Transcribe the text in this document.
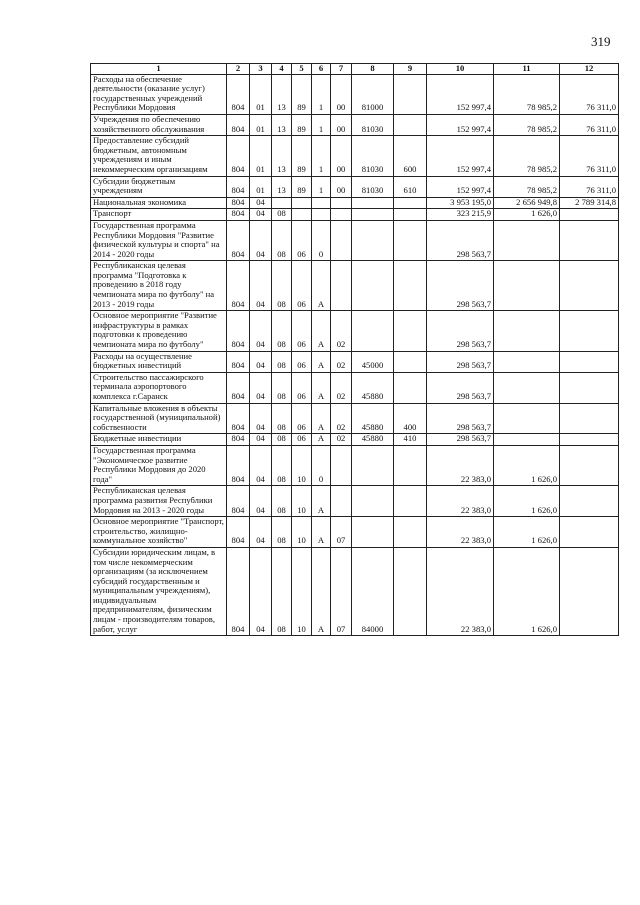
319
1	2	3	4	5	6	7	8	9	10	11	12
Расходы на обеспечение деятельности (оказание услуг) государственных учреждений Республики Мордовия	804	01	13	89	1	00	81000		152 997,4	78 985,2	76 311,0
Учреждения по обеспечению хозяйственного обслуживания	804	01	13	89	1	00	81030		152 997,4	78 985,2	76 311,0
Предоставление субсидий бюджетным, автономным учреждениям и иным некоммерческим организациям	804	01	13	89	1	00	81030	600	152 997,4	78 985,2	76 311,0
Субсидии бюджетным учреждениям	804	01	13	89	1	00	81030	610	152 997,4	78 985,2	76 311,0
Национальная экономика	804	04							3 953 195,0	2 656 949,8	2 789 314,8
Транспорт	804	04	08						323 215,9	1 626,0	
Государственная программа Республики Мордовия "Развитие физической культуры и спорта" на 2014 - 2020 годы	804	04	08	06	0				298 563,7		
Республиканская целевая программа "Подготовка к проведению в 2018 году чемпионата мира по футболу" на 2013 - 2019 годы	804	04	08	06	А				298 563,7		
Основное мероприятие "Развитие инфраструктуры в рамках подготовки к проведению чемпионата мира по футболу"	804	04	08	06	А	02			298 563,7		
Расходы на осуществление бюджетных инвестиций	804	04	08	06	А	02	45000		298 563,7		
Строительство пассажирского терминала аэропортового комплекса г.Саранск	804	04	08	06	А	02	45880		298 563,7		
Капитальные вложения в объекты государственной (муниципальной) собственности	804	04	08	06	А	02	45880	400	298 563,7		
Бюджетные инвестиции	804	04	08	06	А	02	45880	410	298 563,7		
Государственная программа "Экономическое развитие Республики Мордовия до 2020 года"	804	04	08	10	0				22 383,0	1 626,0	
Республиканская целевая программа развития Республики Мордовия на 2013 - 2020 годы	804	04	08	10	А				22 383,0	1 626,0	
Основное мероприятие "Транспорт, строительство, жилищно-коммунальное хозяйство"	804	04	08	10	А	07			22 383,0	1 626,0	
Субсидии юридическим лицам, в том числе некоммерческим организациям (за исключением субсидий государственным и муниципальным учреждениям), индивидуальным предпринимателям, физическим лицам - производителям товаров, работ, услуг	804	04	08	10	А	07	84000		22 383,0	1 626,0	
